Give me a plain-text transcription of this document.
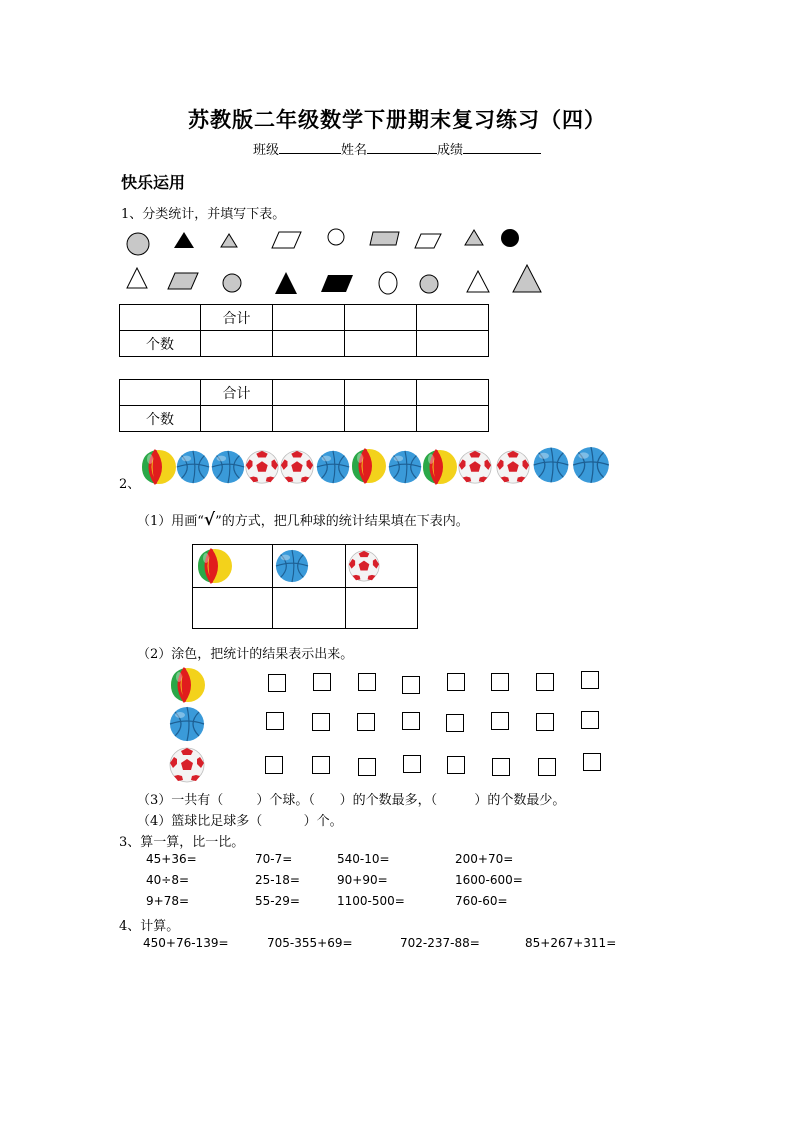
苏教版二年级数学下册期末复习练习（四）
班级	姓名	成绩
快乐运用
1、分类统计，并填写下表。
	合计			
个数				
	合计			
个数				
2、
（1）用画“√”的方式，把几种球的统计结果填在下表内。

（2）涂色，把统计的结果表示出来。
（3）一共有（        ）个球。（      ）的个数最多，（         ）的个数最少。
（4）篮球比足球多（          ）个。
3、算一算，比一比。
45+36=	70-7=	540-10=	200+70=
40÷8=	25-18=	90+90=	1600-600=
9+78=	55-29=	1100-500=	760-60=
4、计算。
450+76-139=	705-355+69=	702-237-88=	85+267+311=
